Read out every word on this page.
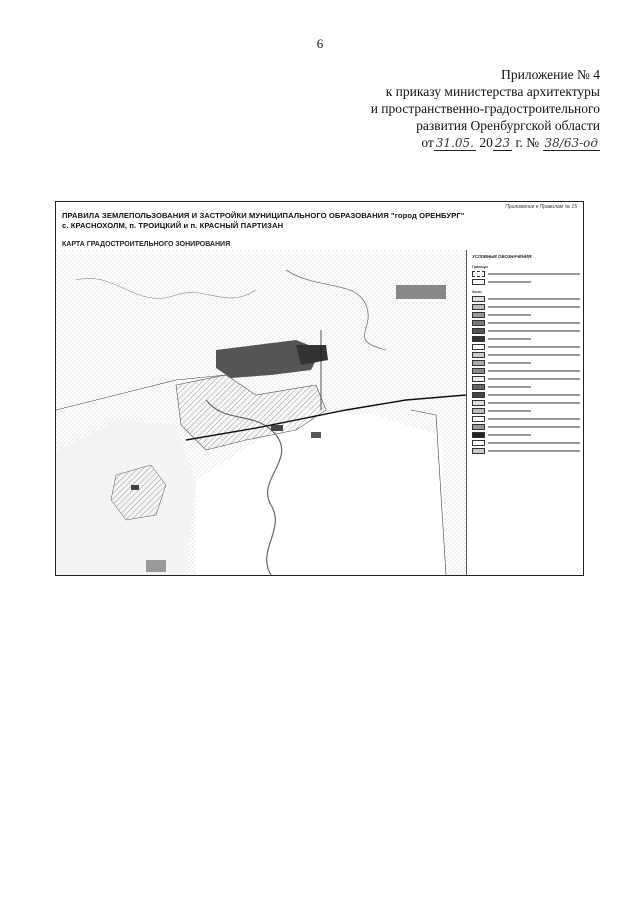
6
Приложение № 4
к приказу министерства архитектуры
и пространственно-градостроительного
развития Оренбургской области
от 31.05. 20 23 г. № 38/63-од
Приложение к Правилам № 15
ПРАВИЛА ЗЕМЛЕПОЛЬЗОВАНИЯ И ЗАСТРОЙКИ МУНИЦИПАЛЬНОГО ОБРАЗОВАНИЯ "город ОРЕНБУРГ"
с. КРАСНОХОЛМ, п. ТРОИЦКИЙ и п. КРАСНЫЙ ПАРТИЗАН
КАРТА ГРАДОСТРОИТЕЛЬНОГО ЗОНИРОВАНИЯ
УСЛОВНЫЕ ОБОЗНАЧЕНИЯ:
Границы
Зоны
